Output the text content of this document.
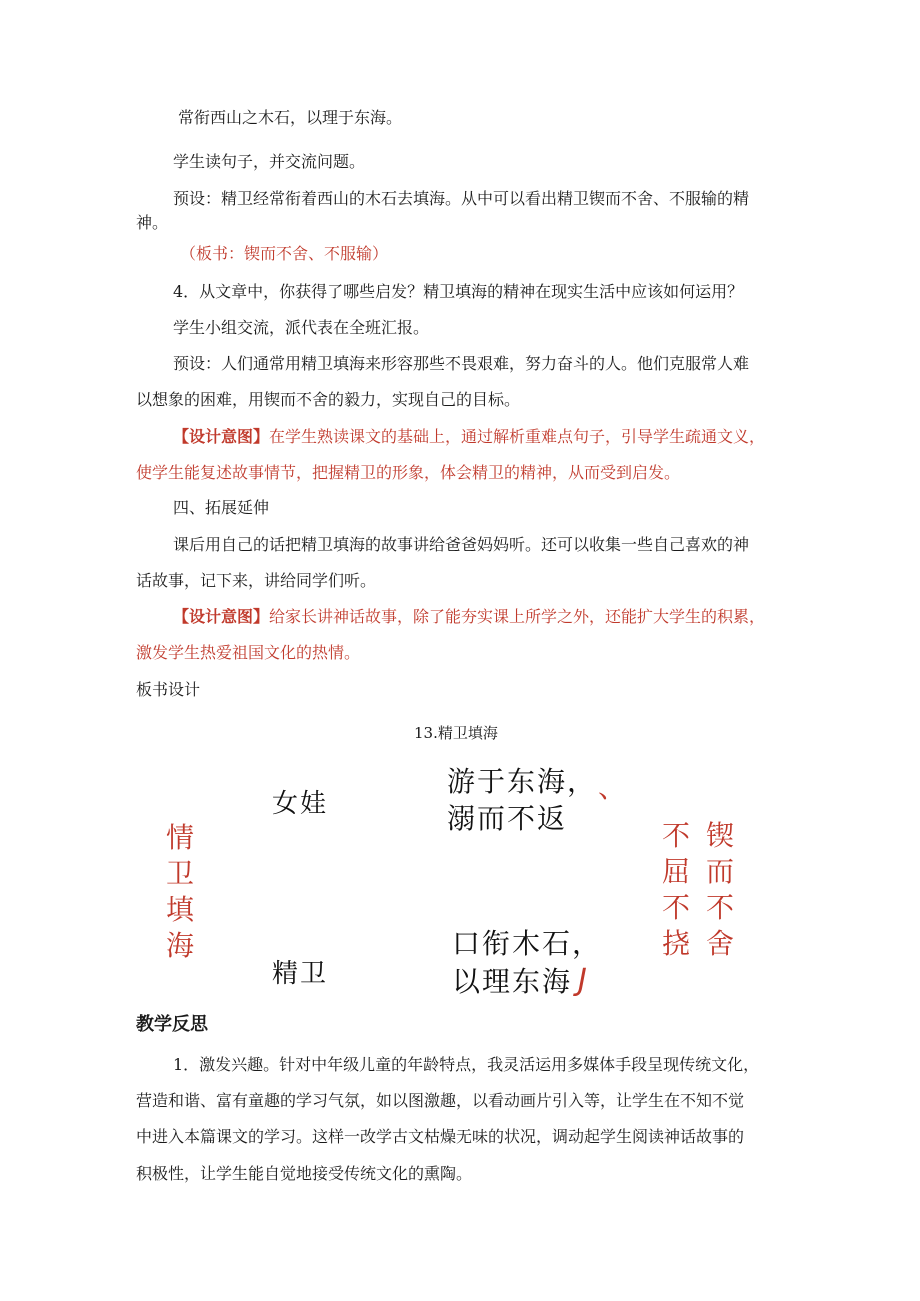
常衔西山之木石，以理于东海。
学生读句子，并交流问题。
预设：精卫经常衔着西山的木石去填海。从中可以看出精卫锲而不舍、不服输的精
神。
（板书：锲而不舍、不服输）
4．从文章中，你获得了哪些启发？精卫填海的精神在现实生活中应该如何运用？
学生小组交流，派代表在全班汇报。
预设：人们通常用精卫填海来形容那些不畏艰难，努力奋斗的人。他们克服常人难
以想象的困难，用锲而不舍的毅力，实现自己的目标。
【设计意图】在学生熟读课文的基础上，通过解析重难点句子，引导学生疏通文义，
使学生能复述故事情节，把握精卫的形象，体会精卫的精神，从而受到启发。
四、拓展延伸
课后用自己的话把精卫填海的故事讲给爸爸妈妈听。还可以收集一些自己喜欢的神
话故事，记下来，讲给同学们听。
【设计意图】给家长讲神话故事，除了能夯实课上所学之外，还能扩大学生的积累，
激发学生热爱祖国文化的热情。
板书设计
13.精卫填海
情
卫
填
海
女娃
精卫
游于东海， 、
溺而不返
口衔木石，
以理东海 J
不
屈
不
挠
锲
而
不
舍
教学反思
1．激发兴趣。针对中年级儿童的年龄特点，我灵活运用多媒体手段呈现传统文化，
营造和谐、富有童趣的学习气氛，如以图激趣，以看动画片引入等，让学生在不知不觉
中进入本篇课文的学习。这样一改学古文枯燥无味的状况，调动起学生阅读神话故事的
积极性，让学生能自觉地接受传统文化的熏陶。
